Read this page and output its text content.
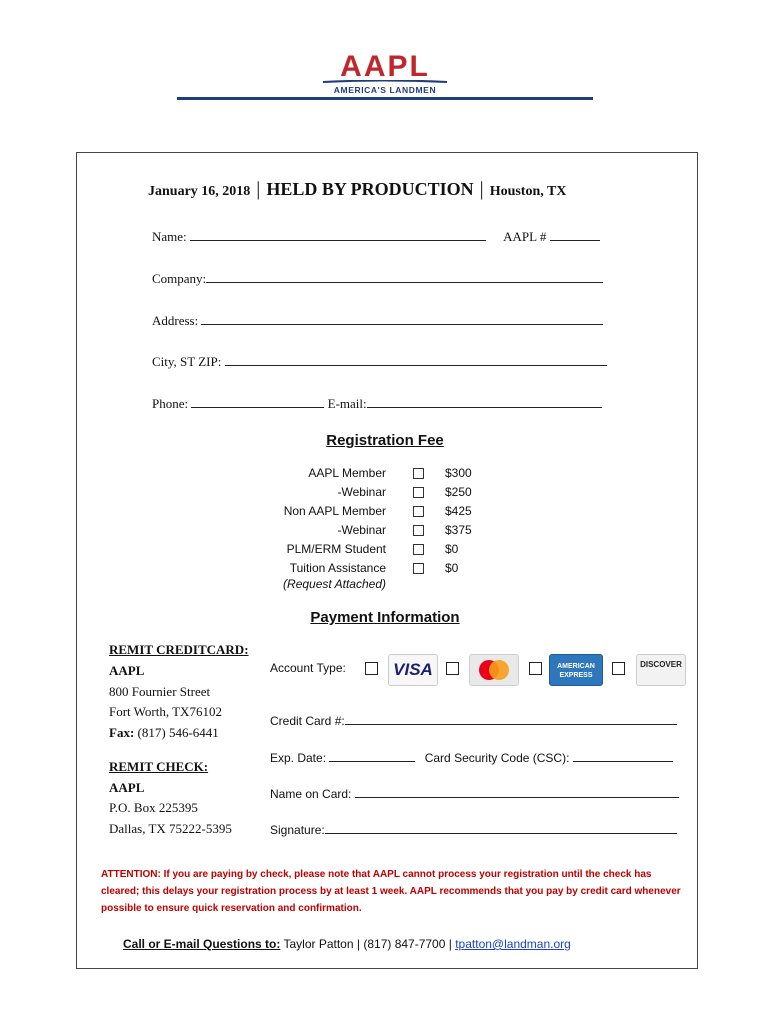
AAPL
AMERICA'S LANDMEN
January 16, 2018 | HELD BY PRODUCTION | Houston, TX
Name:	AAPL #
Company:
Address:
City, ST ZIP:
Phone:	E-mail:
Registration Fee
AAPL Member	$300
-Webinar	$250
Non AAPL Member	$425
-Webinar	$375
PLM/ERM Student	$0
Tuition Assistance	$0
(Request Attached)
Payment Information
REMIT CREDITCARD:
AAPL
800 Fournier Street
Fort Worth, TX76102
Fax: (817) 546-6441
REMIT CHECK:
AAPL
P.O. Box 225395
Dallas, TX 75222-5395
Account Type:	VISA	AMERICAN EXPRESS
DISCOVER
Credit Card #:
Exp. Date:	Card Security Code (CSC):
Name on Card:
Signature:
ATTENTION: If you are paying by check, please note that AAPL cannot process your registration until the check has cleared; this delays your registration process by at least 1 week. AAPL recommends that you pay by credit card whenever possible to ensure quick reservation and confirmation.
Call or E-mail Questions to: Taylor Patton | (817) 847-7700 | tpatton@landman.org
